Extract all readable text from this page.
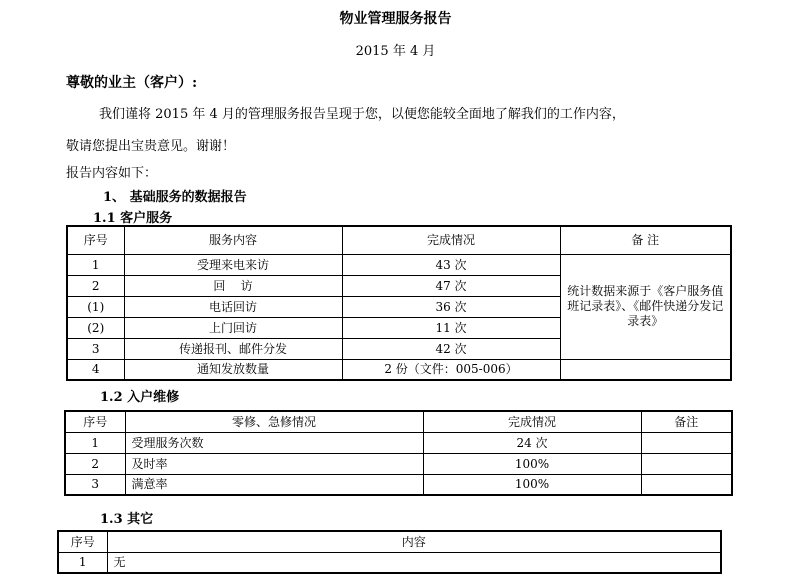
物业管理服务报告
2015 年 4 月
尊敬的业主（客户）:
我们谨将 2015 年 4 月的管理服务报告呈现于您，以便您能较全面地了解我们的工作内容，
敬请您提出宝贵意见。谢谢！
报告内容如下：
1、 基础服务的数据报告
1.1 客户服务
序号	服务内容	完成情况	备 注
1	受理来电来访	43 次	统计数据来源于《客户服务值班记录表》、《邮件快递分发记录表》
2	回    访	47 次	
(1)	电话回访	36 次	
(2)	上门回访	11 次	
3	传递报刊、邮件分发	42 次	
4	通知发放数量	2 份（文件：005-006）	
1.2 入户维修
序号	零修、急修情况	完成情况	备注
1	受理服务次数	24 次	
2	及时率	100%	
3	满意率	100%	
1.3 其它
序号	内容
1	无
